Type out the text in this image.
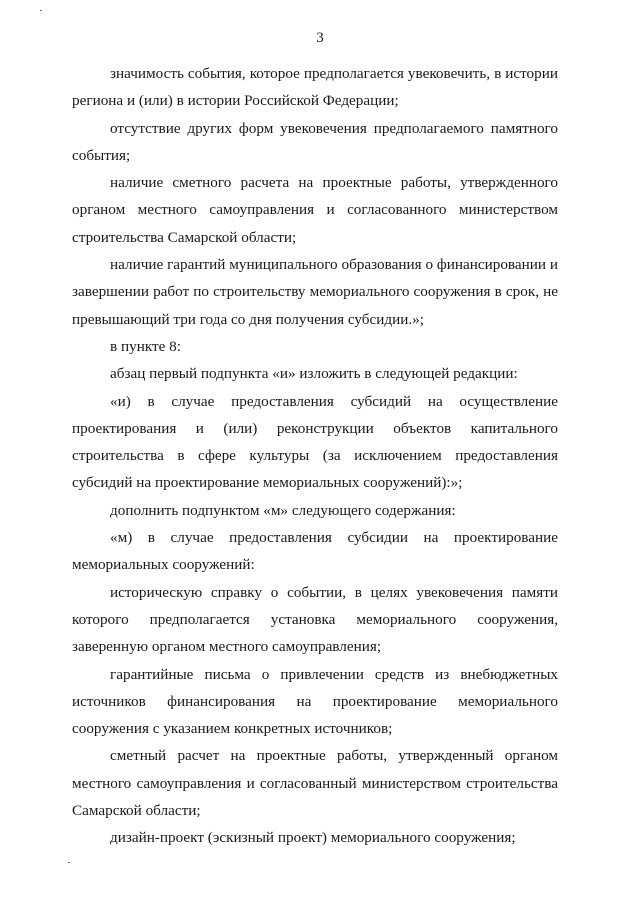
3

значимость события, которое предполагается увековечить, в истории региона и (или) в истории Российской Федерации;

отсутствие других форм увековечения предполагаемого памятного события;

наличие сметного расчета на проектные работы, утвержденного органом местного самоуправления и согласованного министерством строительства Самарской области;

наличие гарантий муниципального образования о финансировании и завершении работ по строительству мемориального сооружения в срок, не превышающий три года со дня получения субсидии.»;

в пункте 8:

абзац первый подпункта «и» изложить в следующей редакции:

«и) в случае предоставления субсидий на осуществление проектирования и (или) реконструкции объектов капитального строительства в сфере культуры (за исключением предоставления субсидий на проектирование мемориальных сооружений):»;

дополнить подпунктом «м» следующего содержания:

«м) в случае предоставления субсидии на проектирование мемориальных сооружений:

историческую справку о событии, в целях увековечения памяти которого предполагается установка мемориального сооружения, заверенную органом местного самоуправления;

гарантийные письма о привлечении средств из внебюджетных источников финансирования на проектирование мемориального сооружения с указанием конкретных источников;

сметный расчет на проектные работы, утвержденный органом местного самоуправления и согласованный министерством строительства Самарской области;

дизайн-проект (эскизный проект) мемориального сооружения;
